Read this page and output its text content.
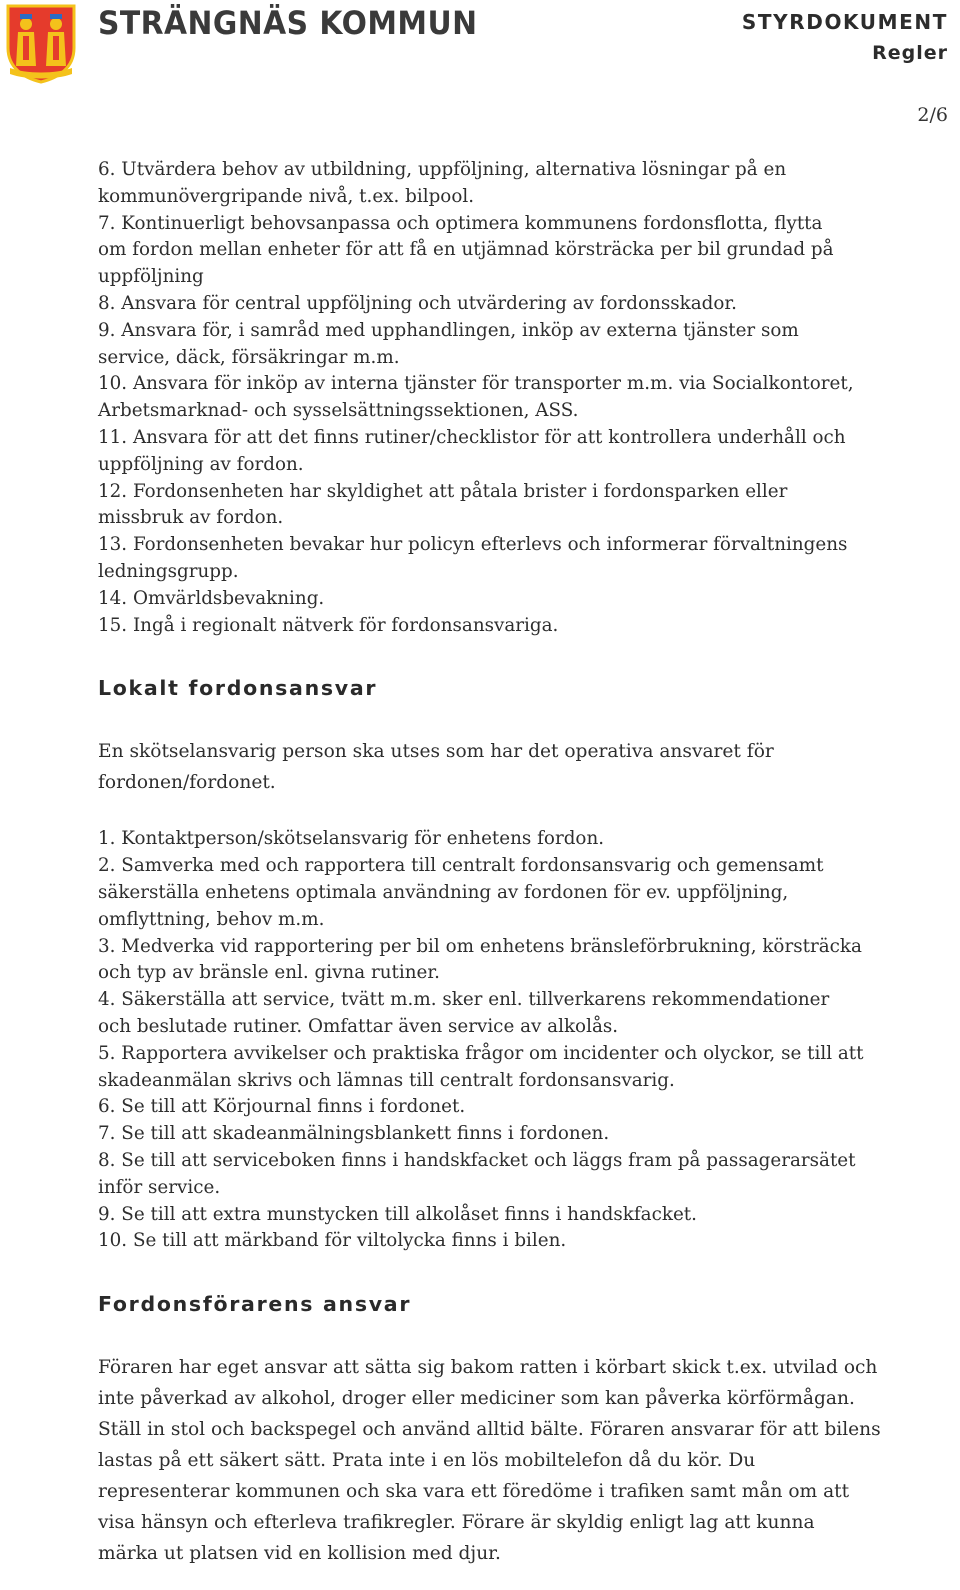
STRÄNGNÄS KOMMUN	STYRDOKUMENT
Regler
2/6
6. Utvärdera behov av utbildning, uppföljning, alternativa lösningar på en
kommunövergripande nivå, t.ex. bilpool.
7. Kontinuerligt behovsanpassa och optimera kommunens fordonsflotta, flytta
om fordon mellan enheter för att få en utjämnad körsträcka per bil grundad på
uppföljning
8. Ansvara för central uppföljning och utvärdering av fordonsskador.
9. Ansvara för, i samråd med upphandlingen, inköp av externa tjänster som
service, däck, försäkringar m.m.
10. Ansvara för inköp av interna tjänster för transporter m.m. via Socialkontoret,
Arbetsmarknad- och sysselsättningssektionen, ASS.
11. Ansvara för att det finns rutiner/checklistor för att kontrollera underhåll och
uppföljning av fordon.
12. Fordonsenheten har skyldighet att påtala brister i fordonsparken eller
missbruk av fordon.
13. Fordonsenheten bevakar hur policyn efterlevs och informerar förvaltningens
ledningsgrupp.
14. Omvärldsbevakning.
15. Ingå i regionalt nätverk för fordonsansvariga.
Lokalt fordonsansvar
En skötselansvarig person ska utses som har det operativa ansvaret för
fordonen/fordonet.
1. Kontaktperson/skötselansvarig för enhetens fordon.
2. Samverka med och rapportera till centralt fordonsansvarig och gemensamt
säkerställa enhetens optimala användning av fordonen för ev. uppföljning,
omflyttning, behov m.m.
3. Medverka vid rapportering per bil om enhetens bränsleförbrukning, körsträcka
och typ av bränsle enl. givna rutiner.
4. Säkerställa att service, tvätt m.m. sker enl. tillverkarens rekommendationer
och beslutade rutiner. Omfattar även service av alkolås.
5. Rapportera avvikelser och praktiska frågor om incidenter och olyckor, se till att
skadeanmälan skrivs och lämnas till centralt fordonsansvarig.
6. Se till att Körjournal finns i fordonet.
7. Se till att skadeanmälningsblankett finns i fordonen.
8. Se till att serviceboken finns i handskfacket och läggs fram på passagerarsätet
inför service.
9. Se till att extra munstycken till alkolåset finns i handskfacket.
10. Se till att märkband för viltolycka finns i bilen.
Fordonsförarens ansvar
Föraren har eget ansvar att sätta sig bakom ratten i körbart skick t.ex. utvilad och
inte påverkad av alkohol, droger eller mediciner som kan påverka körförmågan.
Ställ in stol och backspegel och använd alltid bälte. Föraren ansvarar för att bilens
lastas på ett säkert sätt. Prata inte i en lös mobiltelefon då du kör. Du
representerar kommunen och ska vara ett föredöme i trafiken samt mån om att
visa hänsyn och efterleva trafikregler. Förare är skyldig enligt lag att kunna
märka ut platsen vid en kollision med djur.
